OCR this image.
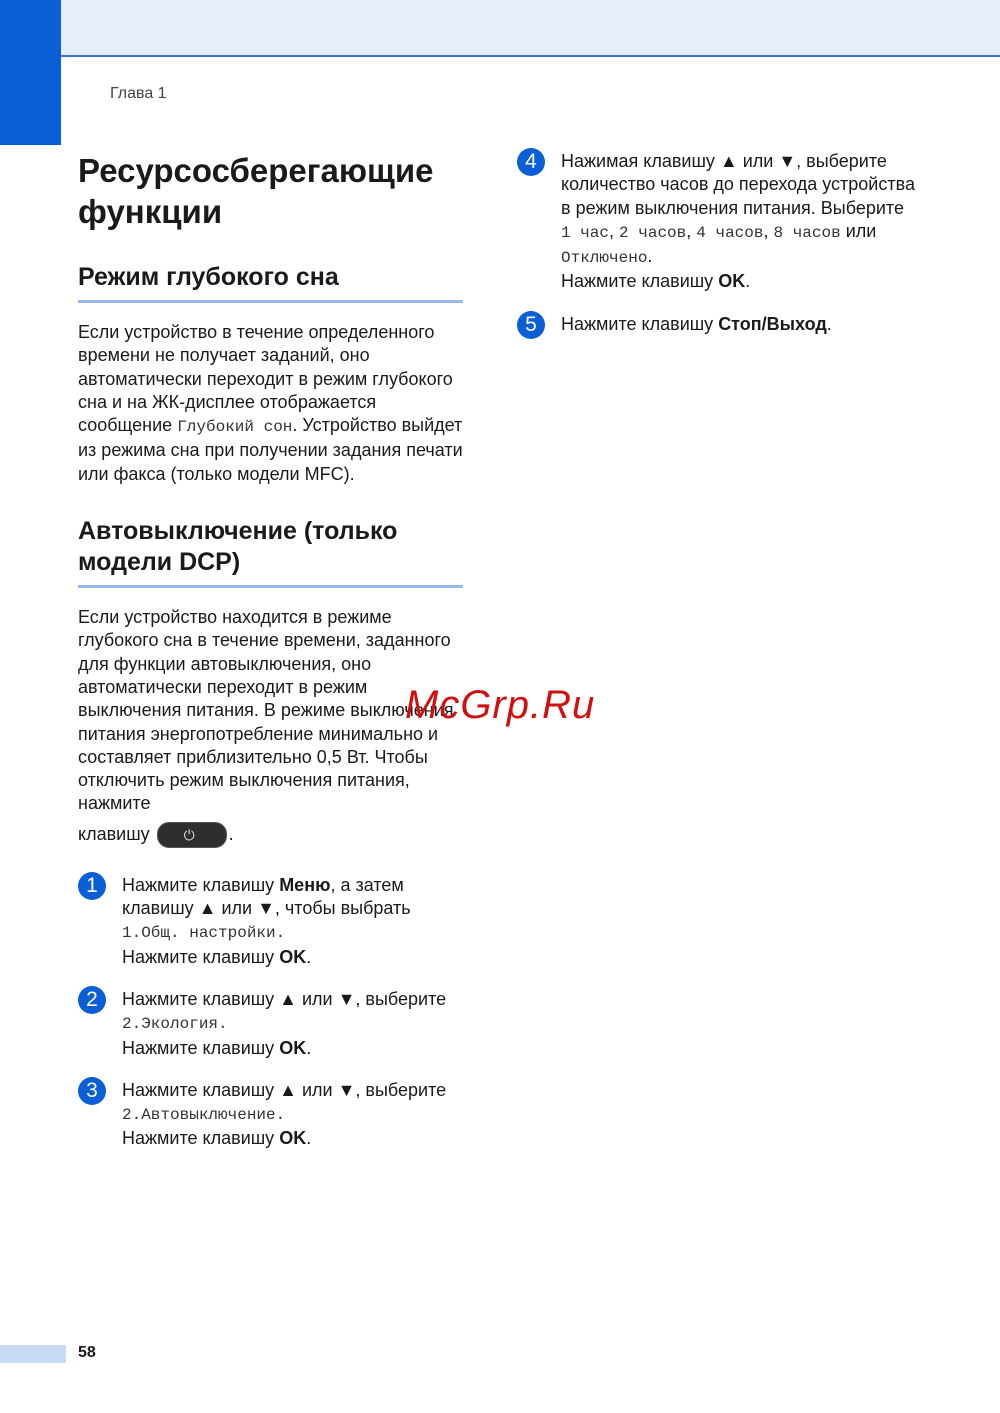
Глава 1
Ресурсосберегающие функции
Режим глубокого сна

Если устройство в течение определенного времени не получает заданий, оно автоматически переходит в режим глубокого сна и на ЖК-дисплее отображается сообщение Глубокий сон. Устройство выйдет из режима сна при получении задания печати или факса (только модели MFC).

Автовыключение (только модели DCP)

Если устройство находится в режиме глубокого сна в течение времени, заданного для функции автовыключения, оно автоматически переходит в режим выключения питания. В режиме выключения питания энергопотребление минимально и составляет приблизительно 0,5 Вт. Чтобы отключить режим выключения питания, нажмите
клавишу ⏻ .

1	Нажмите клавишу Меню, а затем клавишу ▲ или ▼, чтобы выбрать
1.Общ. настройки.
Нажмите клавишу OK.
2	Нажмите клавишу ▲ или ▼, выберите
2.Экология.
Нажмите клавишу OK.
3	Нажмите клавишу ▲ или ▼, выберите
2.Автовыключение.
Нажмите клавишу OK.
4	Нажимая клавишу ▲ или ▼, выберите количество часов до перехода устройства в режим выключения питания. Выберите 1 час, 2 часов, 4 часов, 8 часов или Отключено.
Нажмите клавишу OK.
5	Нажмите клавишу Стоп/Выход.
McGrp.Ru
58
